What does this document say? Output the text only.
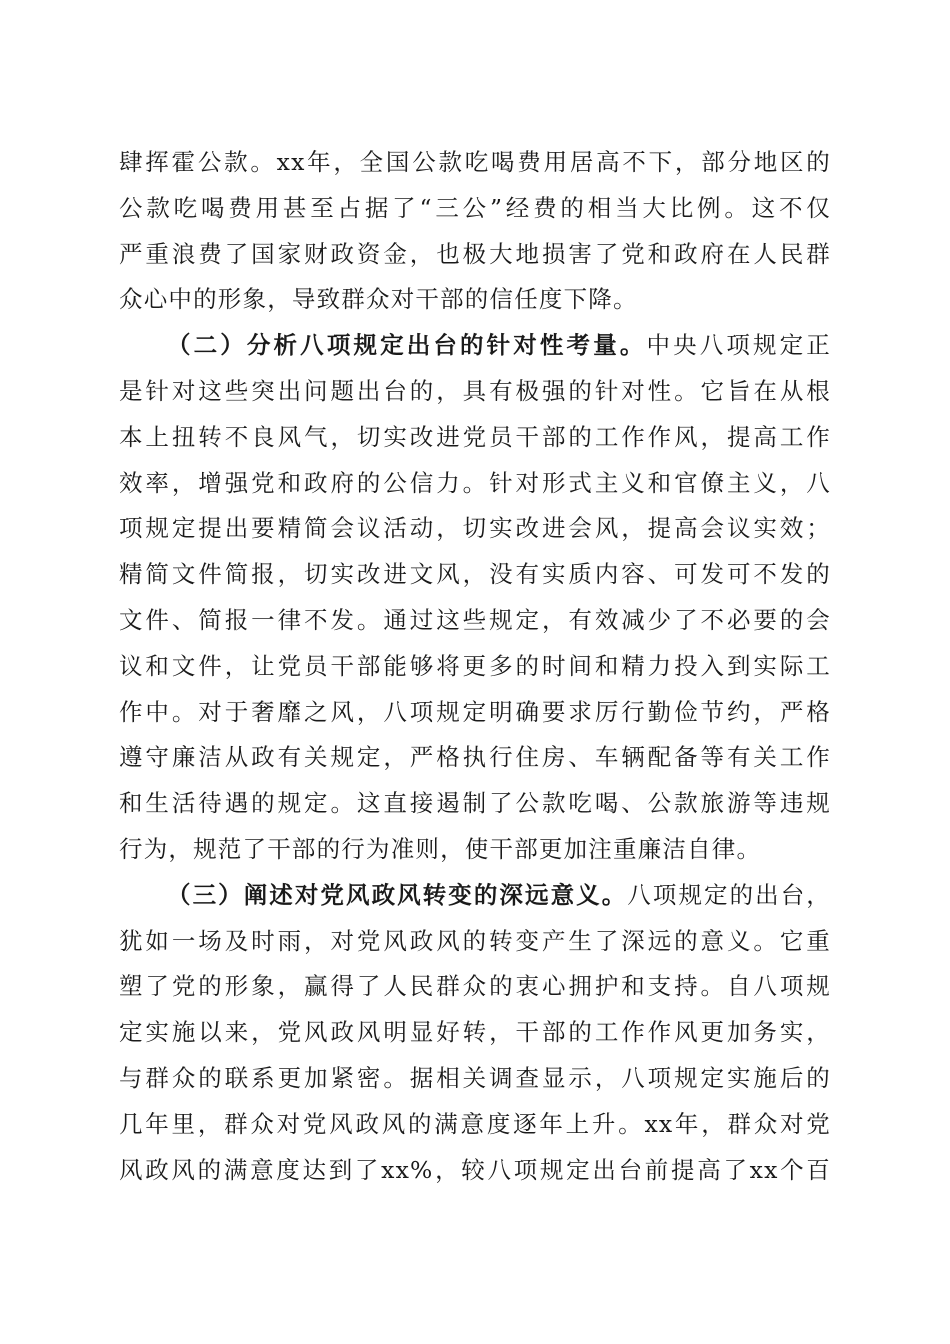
肆挥霍公款。xx年，全国公款吃喝费用居高不下，部分地区的
公款吃喝费用甚至占据了“三公”经费的相当大比例。这不仅
严重浪费了国家财政资金，也极大地损害了党和政府在人民群
众心中的形象，导致群众对干部的信任度下降。
（二）分析八项规定出台的针对性考量。中央八项规定正
是针对这些突出问题出台的，具有极强的针对性。它旨在从根
本上扭转不良风气，切实改进党员干部的工作作风，提高工作
效率，增强党和政府的公信力。针对形式主义和官僚主义，八
项规定提出要精简会议活动，切实改进会风，提高会议实效；
精简文件简报，切实改进文风，没有实质内容、可发可不发的
文件、简报一律不发。通过这些规定，有效减少了不必要的会
议和文件，让党员干部能够将更多的时间和精力投入到实际工
作中。对于奢靡之风，八项规定明确要求厉行勤俭节约，严格
遵守廉洁从政有关规定，严格执行住房、车辆配备等有关工作
和生活待遇的规定。这直接遏制了公款吃喝、公款旅游等违规
行为，规范了干部的行为准则，使干部更加注重廉洁自律。
（三）阐述对党风政风转变的深远意义。八项规定的出台，
犹如一场及时雨，对党风政风的转变产生了深远的意义。它重
塑了党的形象，赢得了人民群众的衷心拥护和支持。自八项规
定实施以来，党风政风明显好转，干部的工作作风更加务实，
与群众的联系更加紧密。据相关调查显示，八项规定实施后的
几年里，群众对党风政风的满意度逐年上升。xx年，群众对党
风政风的满意度达到了xx%，较八项规定出台前提高了xx个百
